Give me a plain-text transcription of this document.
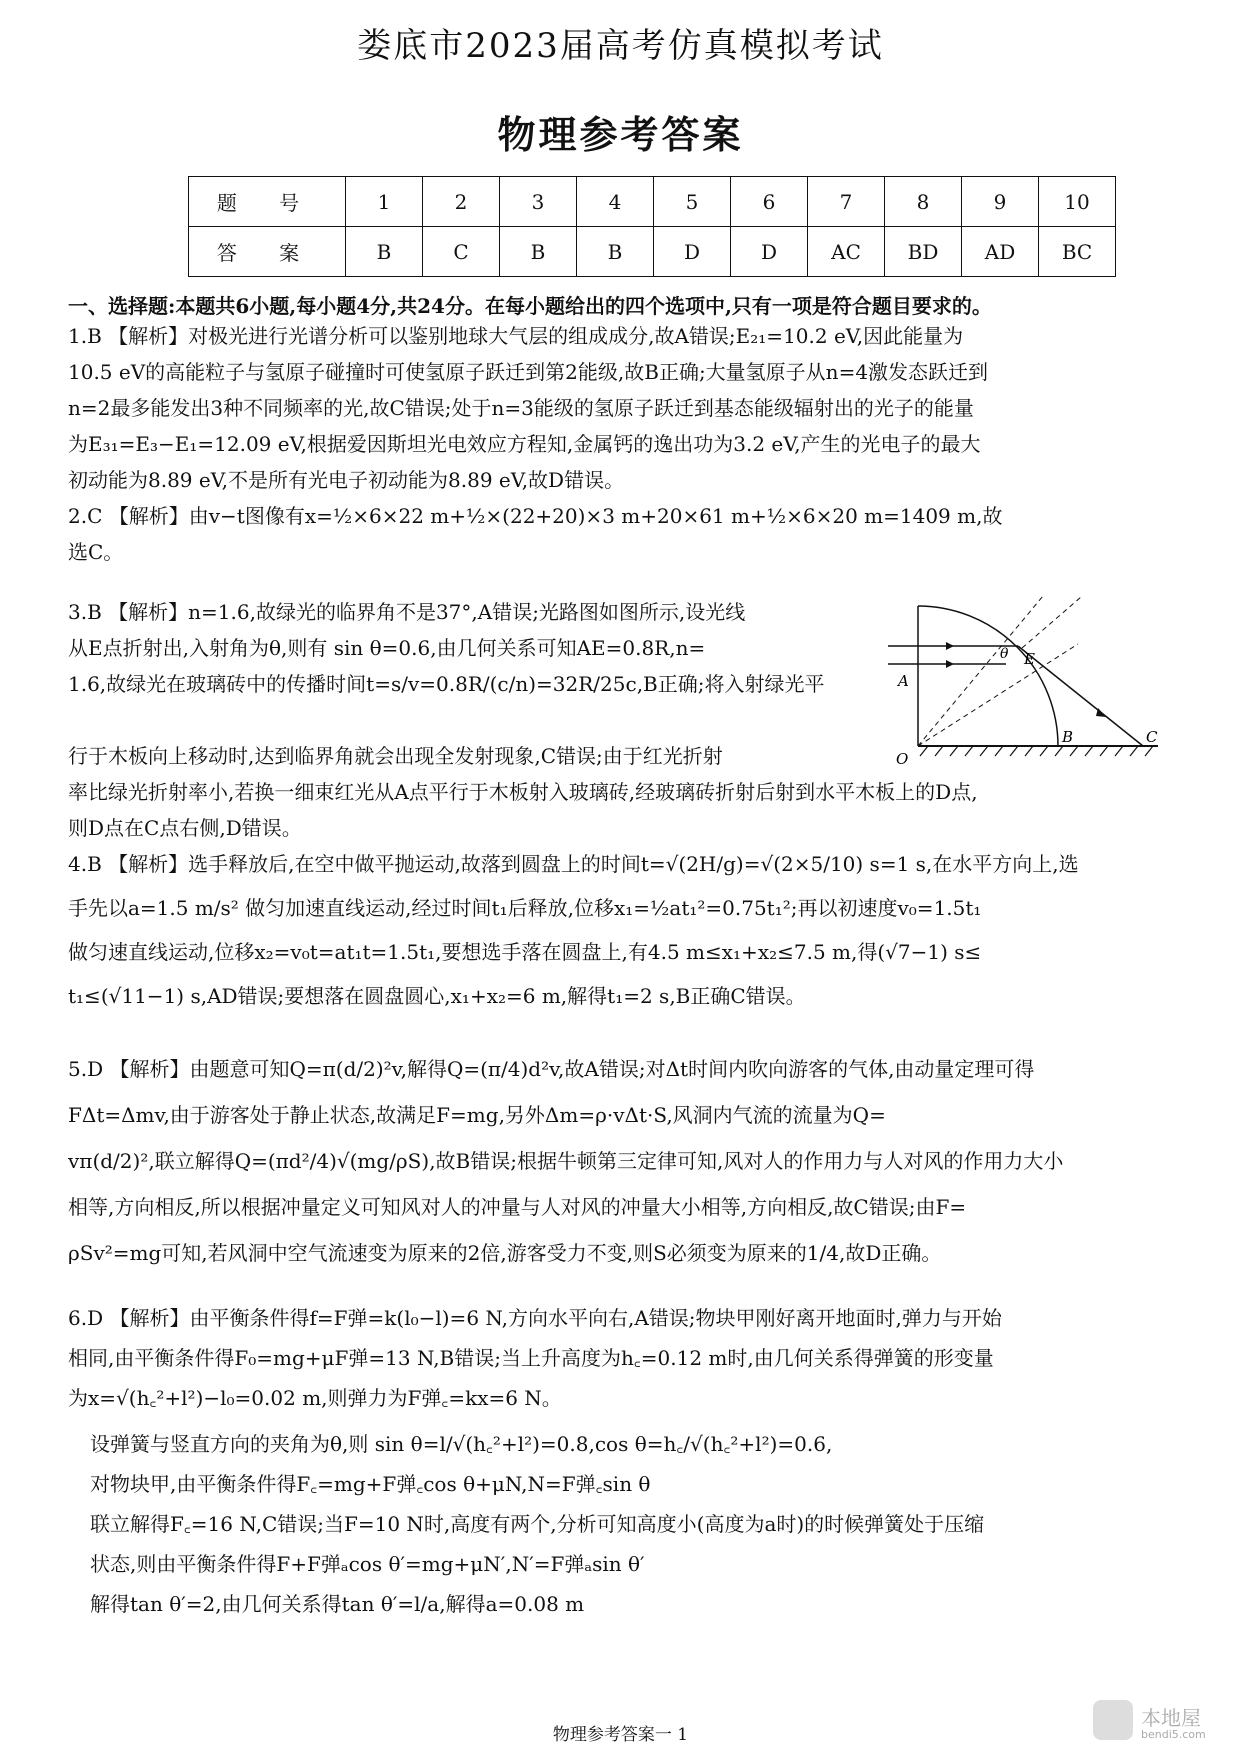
娄底市2023届高考仿真模拟考试
物理参考答案
题 号	1	2	3	4	5	6	7	8	9	10
答 案	B	C	B	B	D	D	AC	BD	AD	BC
一、选择题:本题共6小题,每小题4分,共24分。在每小题给出的四个选项中,只有一项是符合题目要求的。

1.B 【解析】对极光进行光谱分析可以鉴别地球大气层的组成成分,故A错误;E₂₁=10.2 eV,因此能量为

10.5 eV的高能粒子与氢原子碰撞时可使氢原子跃迁到第2能级,故B正确;大量氢原子从n=4激发态跃迁到

n=2最多能发出3种不同频率的光,故C错误;处于n=3能级的氢原子跃迁到基态能级辐射出的光子的能量

为E₃₁=E₃−E₁=12.09 eV,根据爱因斯坦光电效应方程知,金属钙的逸出功为3.2 eV,产生的光电子的最大

初动能为8.89 eV,不是所有光电子初动能为8.89 eV,故D错误。

2.C 【解析】由v−t图像有x=½×6×22 m+½×(22+20)×3 m+20×61 m+½×6×20 m=1409 m,故

选C。

3.B 【解析】n=1.6,故绿光的临界角不是37°,A错误;光路图如图所示,设光线

从E点折射出,入射角为θ,则有 sin θ=0.6,由几何关系可知AE=0.8R,n=

1.6,故绿光在玻璃砖中的传播时间t=s/v=0.8R/(c/n)=32R/25c,B正确;将入射绿光平

行于木板向上移动时,达到临界角就会出现全发射现象,C错误;由于红光折射

率比绿光折射率小,若换一细束红光从A点平行于木板射入玻璃砖,经玻璃砖折射后射到水平木板上的D点,

则D点在C点右侧,D错误。

A
O
E
θ
B	C

4.B 【解析】选手释放后,在空中做平抛运动,故落到圆盘上的时间t=√(2H/g)=√(2×5/10) s=1 s,在水平方向上,选

手先以a=1.5 m/s² 做匀加速直线运动,经过时间t₁后释放,位移x₁=½at₁²=0.75t₁²;再以初速度v₀=1.5t₁

做匀速直线运动,位移x₂=v₀t=at₁t=1.5t₁,要想选手落在圆盘上,有4.5 m≤x₁+x₂≤7.5 m,得(√7−1) s≤

t₁≤(√11−1) s,AD错误;要想落在圆盘圆心,x₁+x₂=6 m,解得t₁=2 s,B正确C错误。

5.D 【解析】由题意可知Q=π(d/2)²v,解得Q=(π/4)d²v,故A错误;对Δt时间内吹向游客的气体,由动量定理可得

FΔt=Δmv,由于游客处于静止状态,故满足F=mg,另外Δm=ρ·vΔt·S,风洞内气流的流量为Q=

vπ(d/2)²,联立解得Q=(πd²/4)√(mg/ρS),故B错误;根据牛顿第三定律可知,风对人的作用力与人对风的作用力大小

相等,方向相反,所以根据冲量定义可知风对人的冲量与人对风的冲量大小相等,方向相反,故C错误;由F=

ρSv²=mg可知,若风洞中空气流速变为原来的2倍,游客受力不变,则S必须变为原来的1/4,故D正确。

6.D 【解析】由平衡条件得f=F弹=k(l₀−l)=6 N,方向水平向右,A错误;物块甲刚好离开地面时,弹力与开始

相同,由平衡条件得F₀=mg+μF弹=13 N,B错误;当上升高度为h꜀=0.12 m时,由几何关系得弹簧的形变量

为x=√(h꜀²+l²)−l₀=0.02 m,则弹力为F弹꜀=kx=6 N。

设弹簧与竖直方向的夹角为θ,则 sin θ=l/√(h꜀²+l²)=0.8,cos θ=h꜀/√(h꜀²+l²)=0.6,

对物块甲,由平衡条件得F꜀=mg+F弹꜀cos θ+μN,N=F弹꜀sin θ

联立解得F꜀=16 N,C错误;当F=10 N时,高度有两个,分析可知高度小(高度为a时)的时候弹簧处于压缩

状态,则由平衡条件得F+F弹ₐcos θ′=mg+μN′,N′=F弹ₐsin θ′

解得tan θ′=2,由几何关系得tan θ′=l/a,解得a=0.08 m

物理参考答案一 1
本地屋
bendi5.com
